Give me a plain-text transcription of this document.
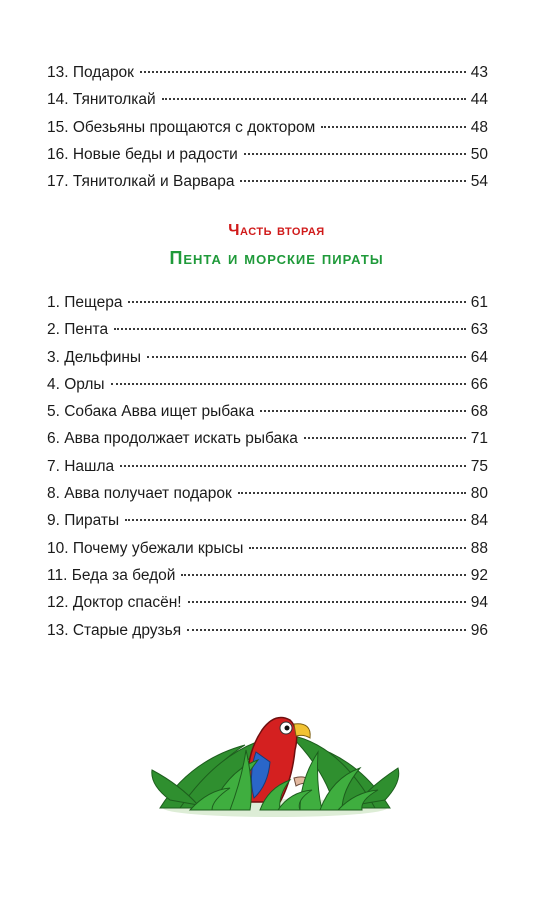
13. Подарок	43
14. Тянитолкай	44
15. Обезьяны прощаются с доктором	48
16. Новые беды и радости	50
17. Тянитолкай и Варвара	54
Часть вторая
Пента и морские пираты
1. Пещера	61
2. Пента	63
3. Дельфины	64
4. Орлы	66
5. Собака Авва ищет рыбака	68
6. Авва продолжает искать рыбака	71
7. Нашла	75
8. Авва получает подарок	80
9. Пираты	84
10. Почему убежали крысы	88
11. Беда за бедой	92
12. Доктор спасён!	94
13. Старые друзья	96
